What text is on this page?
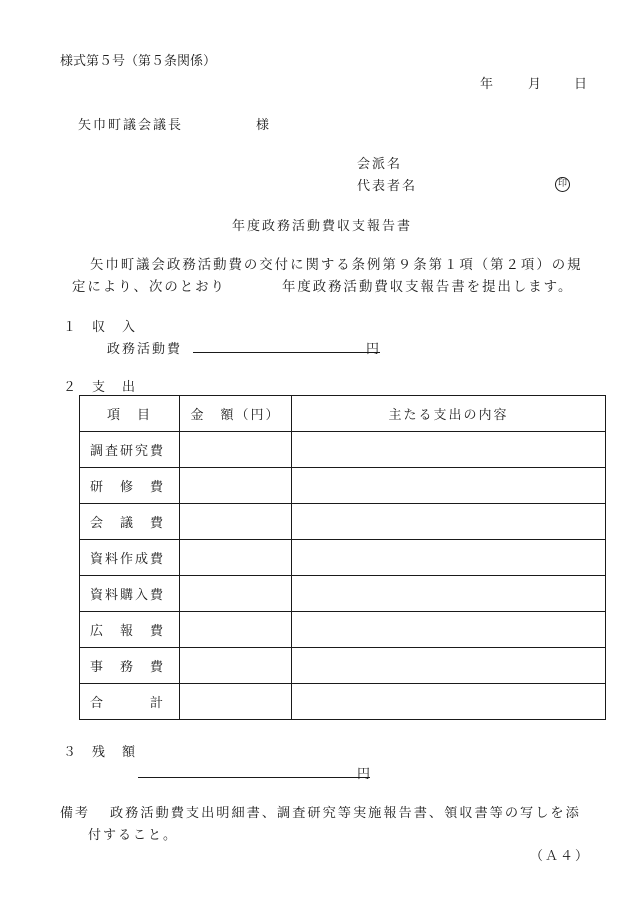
様式第５号（第５条関係）
年	月	日
矢巾町議会議長	様
会派名
代表者名	印
年度政務活動費収支報告書
矢巾町議会政務活動費の交付に関する条例第９条第１項（第２項）の規
定により、次のとおり	年度政務活動費収支報告書を提出します。
１ 収　入
政務活動費	円
２ 支　出
項　目	金　額（円）	主たる支出の内容
調査研究費		
研修費		
会議費		
資料作成費		
資料購入費		
広報費		
事務費		
合計		
３ 残　額
円
備考 政務活動費支出明細書、調査研究等実施報告書、領収書等の写しを添
付すること。
（Ａ４）
